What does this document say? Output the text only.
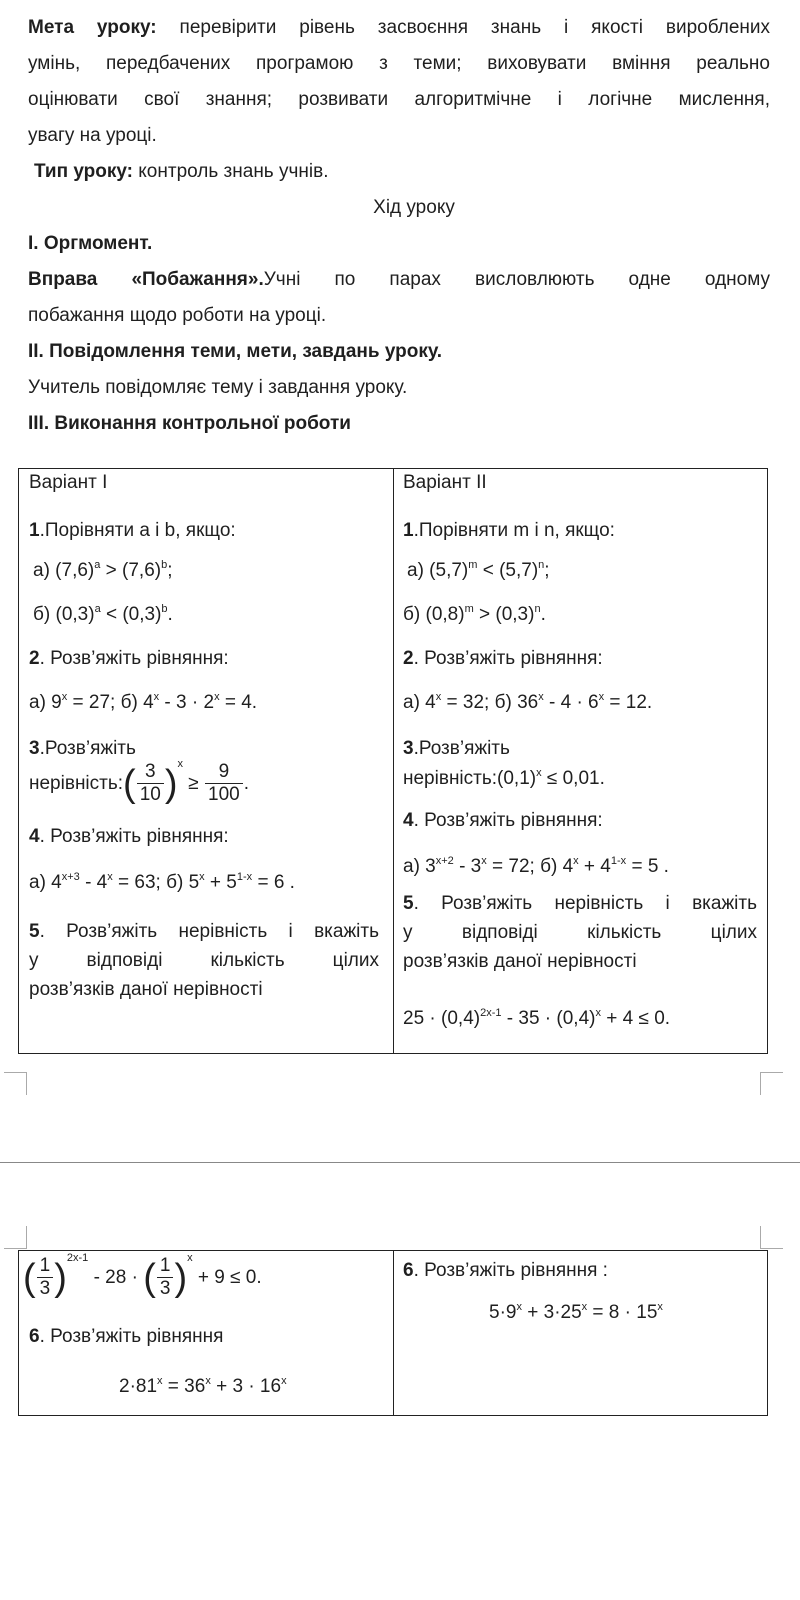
Мета уроку: перевірити рівень засвоєння знань і якості вироблених

умінь, передбачених програмою з теми; виховувати вміння реально

оцінювати свої знання; розвивати алгоритмічне і логічне мислення,

увагу на уроці.

Тип уроку: контроль знань учнів.

Хід уроку

I. Оргмомент.

Вправа «Побажання».Учні по парах висловлюють одне одному

побажання щодо роботи на уроці.

II. Повідомлення теми, мети, завдань уроку.

Учитель повідомляє тему і завдання уроку.

III. Виконання контрольної роботи

Варіант I
1.Порівняти a і b, якщо:
а) $(7,6)^a > (7,6)^b$;
б) $(0,3)^a < (0,3)^b$.
2. Розв’яжіть рівняння:
а) $9^x = 27$; б) $4^x - 3 \cdot 2^x = 4$.
3.Розв’яжіть
нерівність:( $\frac{3}{10} )^x \ge \frac{9}{100}$ .
4. Розв’яжіть рівняння:
а) $4^{x+3} - 4^x = 63$; б) $5^x + 5^{1-x} = 6$ .
5. Розв’яжіть нерівність і вкажіть
у відповіді кількість цілих
розв’язків даної нерівності
Варіант II
1.Порівняти m і n, якщо:
а) $(5,7)^m < (5,7)^n$;
б) $(0,8)^m > (0,3)^n$.
2. Розв’яжіть рівняння:
а) $4^x = 32$; б) $36^x - 4 \cdot 6^x = 12$.
3.Розв’яжіть
$нерівність:(0,1)^x \le 0,01$.
4. Розв’яжіть рівняння:
а) $3^{x+2} - 3^x = 72$; б) $4^x + 4^{1-x} = 5$ .
5. Розв’яжіть нерівність і вкажіть
у відповіді кількість цілих
розв’язків даної нерівності
$25 \cdot (0,4)^{2x-1} - 35 \cdot (0,4)^x + 4 \le 0$.
( $\frac{1}{3} )^{2x-1} - 28$ · ( $\frac{1}{3} )^x + 9 \le 0$.
6. Розв’яжіть рівняння
$2\cdot 81^x = 36^x + 3 \cdot 16^x$
6. Розв’яжіть рівняння :
$5\cdot 9^x + 3\cdot 25^x = 8 \cdot 15^x$
